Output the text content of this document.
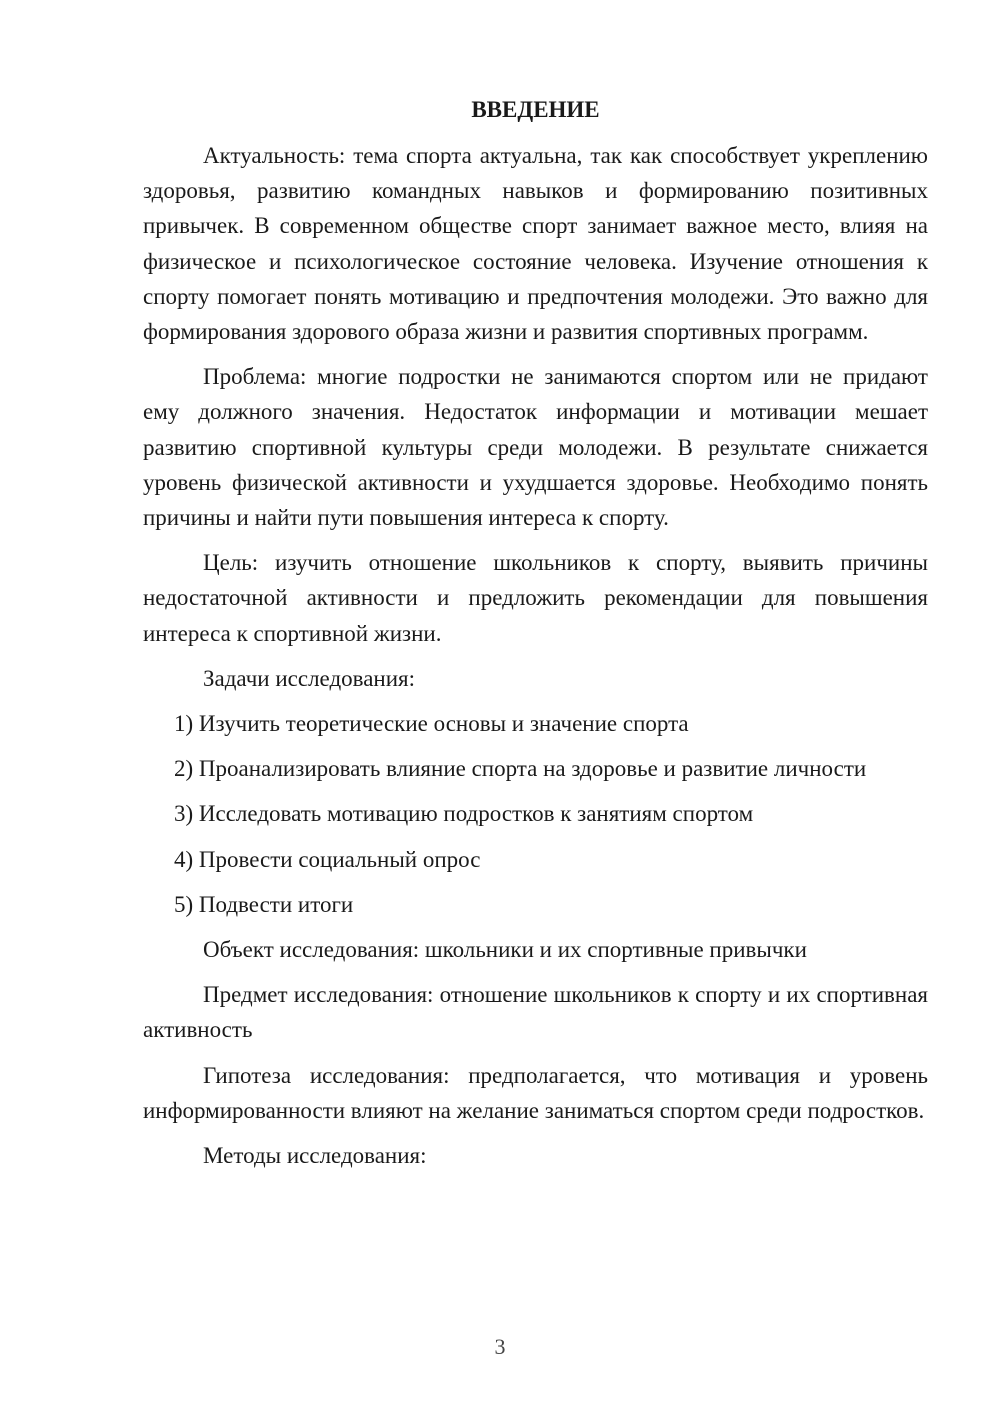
ВВЕДЕНИЕ

Актуальность: тема спорта актуальна, так как способствует укреплению здоровья, развитию командных навыков и формированию позитивных привычек. В современном обществе спорт занимает важное место, влияя на физическое и психологическое состояние человека. Изучение отношения к спорту помогает понять мотивацию и предпочтения молодежи. Это важно для формирования здорового образа жизни и развития спортивных программ.

Проблема: многие подростки не занимаются спортом или не придают ему должного значения. Недостаток информации и мотивации мешает развитию спортивной культуры среди молодежи. В результате снижается уровень физической активности и ухудшается здоровье. Необходимо понять причины и найти пути повышения интереса к спорту.

Цель: изучить отношение школьников к спорту, выявить причины недостаточной активности и предложить рекомендации для повышения интереса к спортивной жизни.

Задачи исследования:
1) Изучить теоретические основы и значение спорта
2) Проанализировать влияние спорта на здоровье и развитие личности
3) Исследовать мотивацию подростков к занятиям спортом
4) Провести социальный опрос
5) Подвести итоги
Объект исследования: школьники и их спортивные привычки

Предмет исследования: отношение школьников к спорту и их спортивная активность

Гипотеза исследования: предполагается, что мотивация и уровень информированности влияют на желание заниматься спортом среди подростков.

Методы исследования:
3
